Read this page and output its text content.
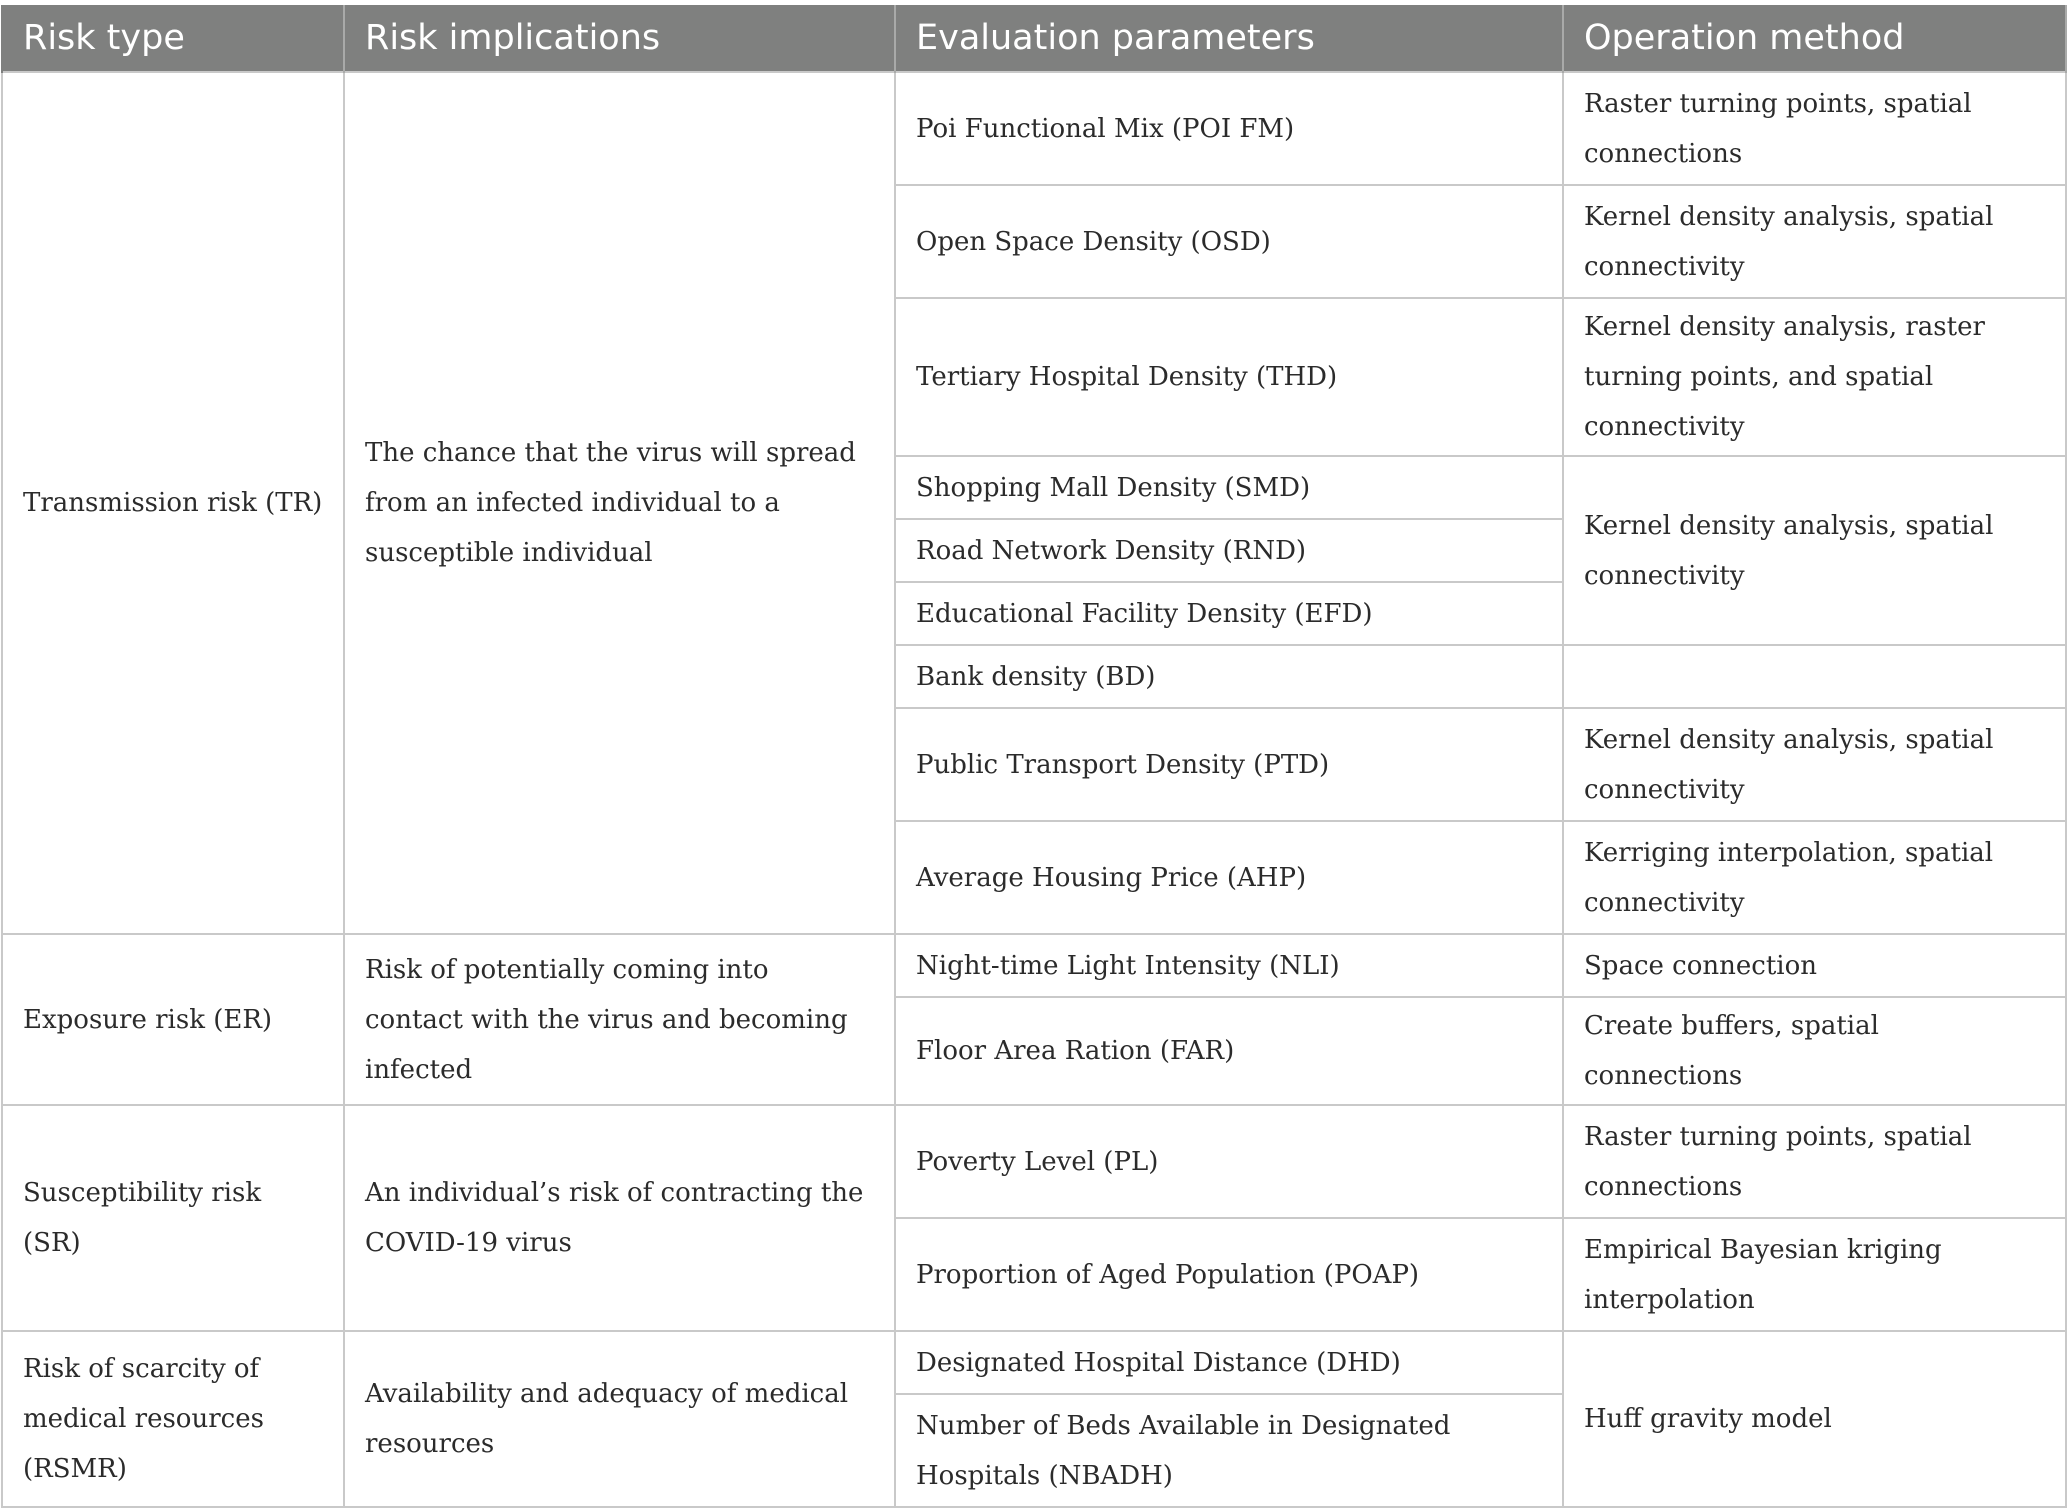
Risk type	Risk implications	Evaluation parameters	Operation method
Transmission risk (TR)	The chance that the virus will spread from an infected individual to a susceptible individual	Poi Functional Mix (POI FM)	Raster turning points, spatial connections
		Open Space Density (OSD)	Kernel density analysis, spatial connectivity
		Tertiary Hospital Density (THD)	Kernel density analysis, raster turning points, and spatial connectivity
		Shopping Mall Density (SMD)	Kernel density analysis, spatial connectivity
		Road Network Density (RND)	
		Educational Facility Density (EFD)	
		Bank density (BD)	
		Public Transport Density (PTD)	Kernel density analysis, spatial connectivity
		Average Housing Price (AHP)	Kerriging interpolation, spatial connectivity
Exposure risk (ER)	Risk of potentially coming into contact with the virus and becoming infected	Night-time Light Intensity (NLI)	Space connection
		Floor Area Ration (FAR)	Create buffers, spatial connections
Susceptibility risk (SR)	An individual’s risk of contracting the COVID-19 virus	Poverty Level (PL)	Raster turning points, spatial connections
		Proportion of Aged Population (POAP)	Empirical Bayesian kriging interpolation
Risk of scarcity of medical resources (RSMR)	Availability and adequacy of medical resources	Designated Hospital Distance (DHD)	Huff gravity model
		Number of Beds Available in Designated Hospitals (NBADH)	
